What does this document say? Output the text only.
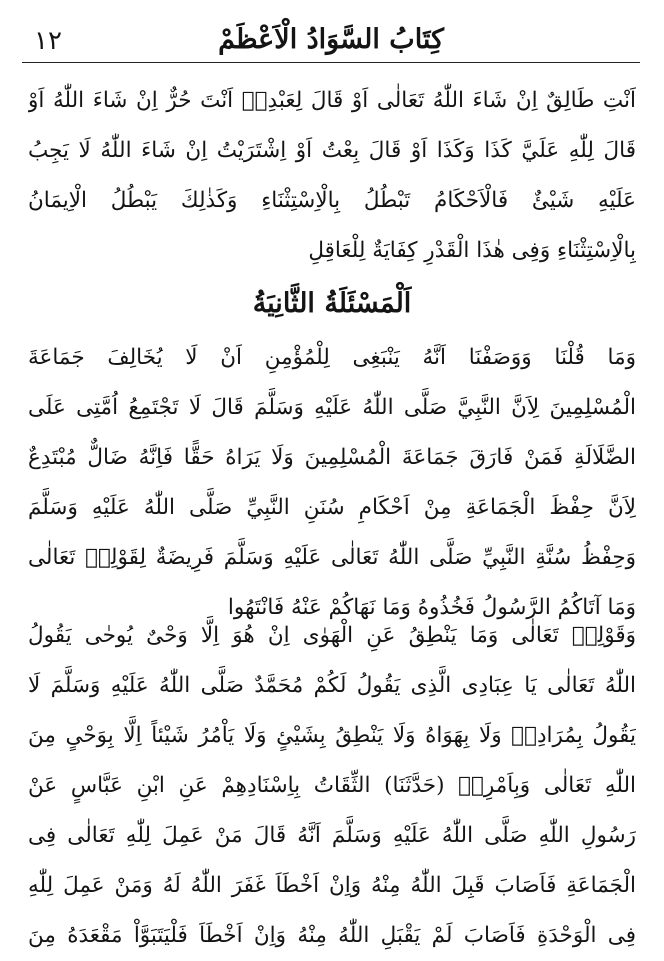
١٢	كِتَابُ السَّوَادُ الْاَعْظَمْ
اَنْتِ طَالِقٌ اِنْ شَاءَ اللّٰهُ تَعَالٰى اَوْ قَالَ لِعَبْدِهٖ اَنْتَ حُرٌّ اِنْ شَاءَ اللّٰهُ اَوْ
قَالَ لِلّٰهِ عَلَيَّ كَذَا وَكَذَا اَوْ قَالَ بِعْتُ اَوْ اِشْتَرَيْتُ اِنْ شَاءَ اللّٰهُ لَا يَجِبُ
عَلَيْهِ شَيْئٌ فَالْاَحْكَامُ تَبْطُلُ بِالْاِسْتِثْنَاءِ وَكَذٰلِكَ يَبْطُلُ الْاِيمَانُ
بِالْاِسْتِثْنَاءِ وَفِى هٰذَا الْقَدْرِ كِفَايَةٌ لِلْعَاقِلِ
اَلْمَسْئَلَةُ الثَّانِيَةُ
وَمَا قُلْنَا وَوَصَفْنَا اَنَّهُ يَنْبَغِى لِلْمُؤْمِنِ اَنْ لَا يُخَالِفَ جَمَاعَةَ
الْمُسْلِمِينَ لِاَنَّ النَّبِيَّ صَلَّى اللّٰهُ عَلَيْهِ وَسَلَّمَ قَالَ لَا تَجْتَمِعُ اُمَّتِى عَلَى
الضَّلَالَةِ فَمَنْ فَارَقَ جَمَاعَةَ الْمُسْلِمِينَ وَلَا يَرَاهُ حَقًّا فَاِنَّهُ ضَالٌّ مُبْتَدِعٌ
لِاَنَّ حِفْظَ الْجَمَاعَةِ مِنْ اَحْكَامِ سُنَنِ النَّبِيِّ صَلَّى اللّٰهُ عَلَيْهِ وَسَلَّمَ
وَحِفْظُ سُنَّةِ النَّبِيِّ صَلَّى اللّٰهُ تَعَالٰى عَلَيْهِ وَسَلَّمَ فَرِيضَةٌ لِقَوْلِهٖ تَعَالٰى
وَمَا آتَاكُمُ الرَّسُولُ فَخُذُوهُ وَمَا نَهَاكُمْ عَنْهُ فَانْتَهُوا
وَقَوْلِهٖ تَعَالٰى وَمَا يَنْطِقُ عَنِ الْهَوٰى اِنْ هُوَ اِلَّا وَحْىٌ يُوحٰى يَقُولُ
اللّٰهُ تَعَالٰى يَا عِبَادِى الَّذِى يَقُولُ لَكُمْ مُحَمَّدٌ صَلَّى اللّٰهُ عَلَيْهِ وَسَلَّمَ لَا
يَقُولُ بِمُرَادِهٖ وَلَا بِهَوَاهُ وَلَا يَنْطِقُ بِشَيْئٍ وَلَا يَاْمُرُ شَيْئاً اِلَّا بِوَحْىٍ مِنَ
اللّٰهِ تَعَالٰى وَبِاَمْرِهٖ (حَدَّثَنَا) الثِّقَاتُ بِاِسْنَادِهِمْ عَنِ ابْنِ عَبَّاسٍ عَنْ
رَسُولِ اللّٰهِ صَلَّى اللّٰهُ عَلَيْهِ وَسَلَّمَ اَنَّهُ قَالَ مَنْ عَمِلَ لِلّٰهِ تَعَالٰى فِى
الْجَمَاعَةِ فَاَصَابَ قَبِلَ اللّٰهُ مِنْهُ وَاِنْ اَخْطَاَ غَفَرَ اللّٰهُ لَهُ وَمَنْ عَمِلَ لِلّٰهِ
فِى الْوَحْدَةِ فَاَصَابَ لَمْ يَقْبَلِ اللّٰهُ مِنْهُ وَاِنْ اَخْطَاَ فَلْيَتَبَوَّاْ مَقْعَدَهُ مِنَ
